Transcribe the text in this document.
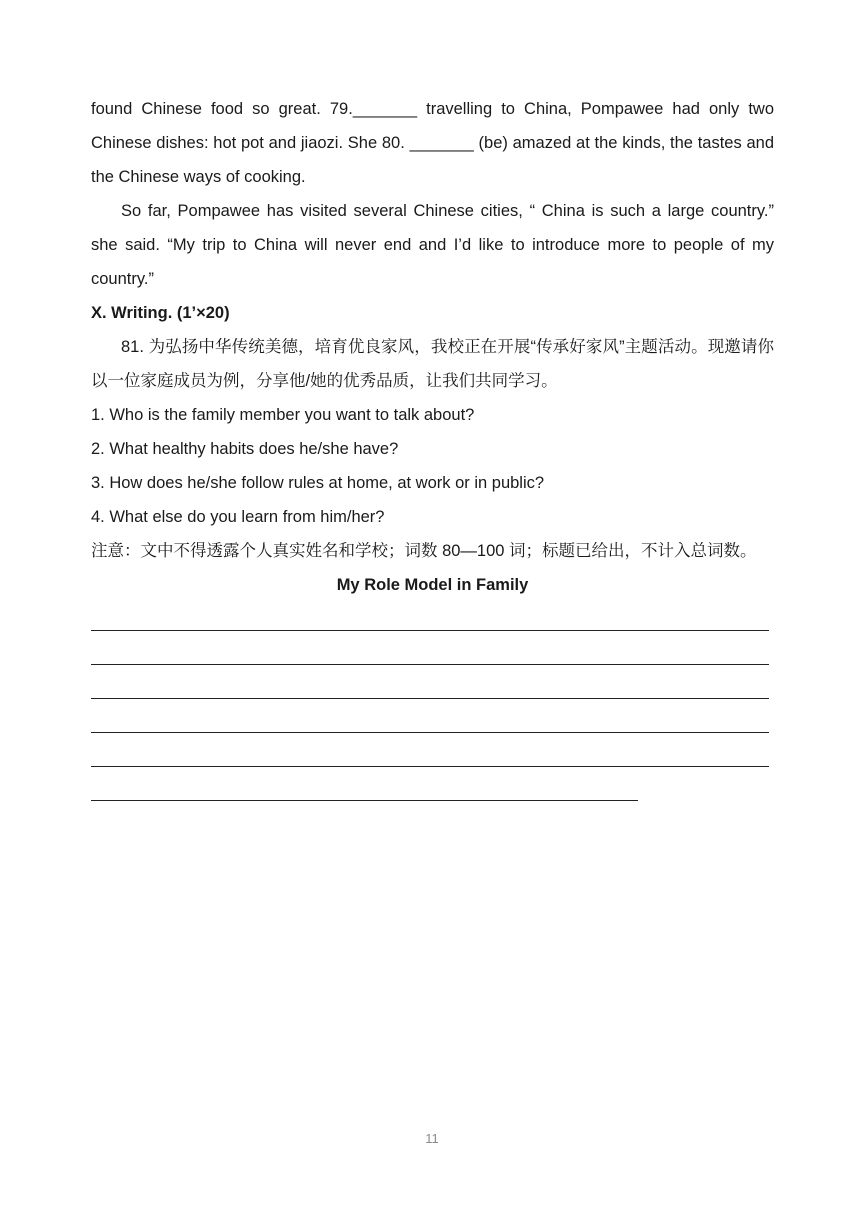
found Chinese food so great. 79._______ travelling to China, Pompawee had only two Chinese dishes: hot pot and jiaozi. She 80. _______ (be) amazed at the kinds, the tastes and the Chinese ways of cooking.

So far, Pompawee has visited several Chinese cities, “ China is such a large country.” she said. “My trip to China will never end and I’d like to introduce more to people of my country.”

X. Writing. (1’×20)

81. 为弘扬中华传统美德，培育优良家风，我校正在开展“传承好家风”主题活动。现邀请你以一位家庭成员为例，分享他/她的优秀品质，让我们共同学习。

1. Who is the family member you want to talk about?

2. What healthy habits does he/she have?

3. How does he/she follow rules at home, at work or in public?

4. What else do you learn from him/her?

注意：文中不得透露个人真实姓名和学校；词数 80—100 词；标题已给出，不计入总词数。

My Role Model in Family

11
